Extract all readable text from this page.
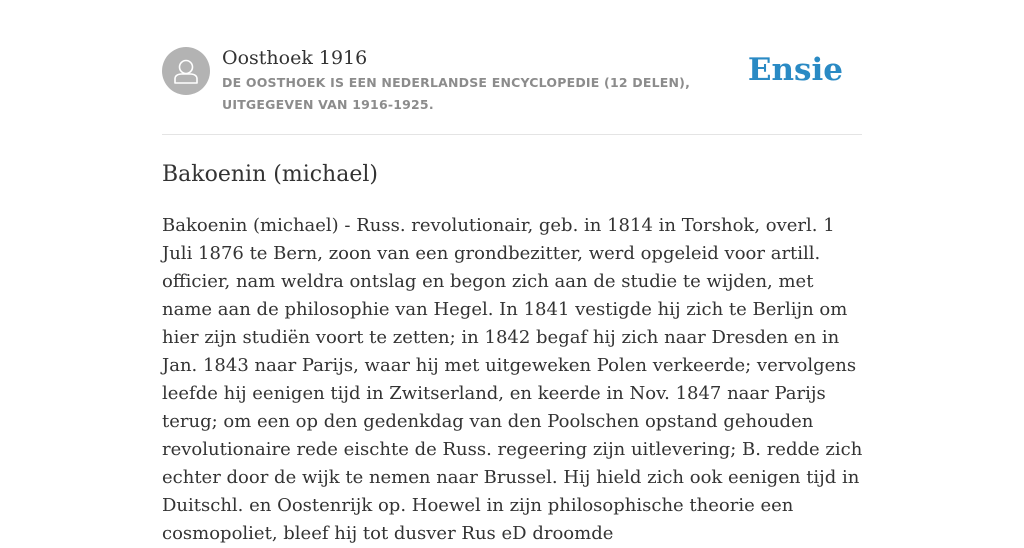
Oosthoek 1916
DE OOSTHOEK IS EEN NEDERLANDSE ENCYCLOPEDIE (12 DELEN), UITGEGEVEN VAN 1916-1925.
Ensie
Bakoenin (michael)

Bakoenin (michael) - Russ. revolutionair, geb. in 1814 in Torshok, overl. 1 Juli 1876 te Bern, zoon van een grondbezitter, werd opgeleid voor artill. officier, nam weldra ontslag en begon zich aan de studie te wijden, met name aan de philosophie van Hegel. In 1841 vestigde hij zich te Berlijn om hier zijn studiën voort te zetten; in 1842 begaf hij zich naar Dresden en in Jan. 1843 naar Parijs, waar hij met uitgeweken Polen verkeerde; vervolgens leefde hij eenigen tijd in Zwitserland, en keerde in Nov. 1847 naar Parijs terug; om een op den gedenkdag van den Poolschen opstand gehouden revolutionaire rede eischte de Russ. regeering zijn uitlevering; B. redde zich echter door de wijk te nemen naar Brussel. Hij hield zich ook eenigen tijd in Duitschl. en Oostenrijk op. Hoewel in zijn philosophische theorie een cosmopoliet, bleef hij tot dusver Rus eD droomde
